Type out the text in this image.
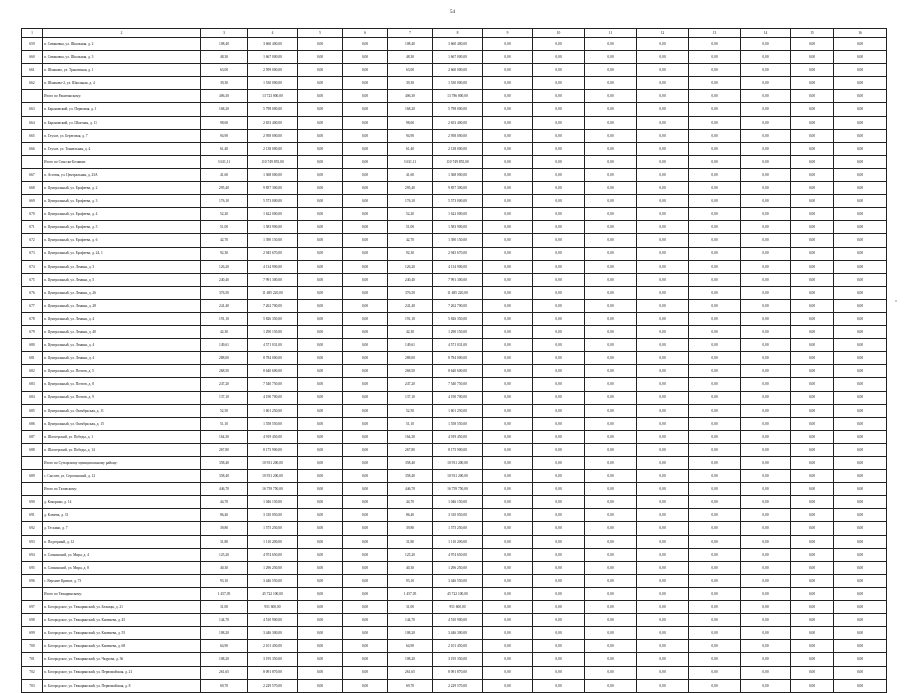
54
1	2	3	4	5	6	7	8	9	10	11	12	13	14	15	16
659	п. Сиваковка, ул. Школьная, д. 2	108,40	3 660 400,00	0,00	0,00	108,40	3 660 400,00	0,00	0,00	0,00	0,00	0,00	0,00	0,00	0,00
660	п. Сиваковка, ул. Школьная, д. 3	48,30	1 667 000,00	0,00	0,00	48,30	1 667 000,00	0,00	0,00	0,00	0,00	0,00	0,00	0,00	0,00
661	п. Шмаково, ул. Транзитная, д. 1	63,00	2 599 000,00	0,00	0,00	63,00	2 660 000,00	0,00	0,00	0,00	0,00	0,00	0,00	0,00	0,00
662	п. Шмаково-2, ул. Школьная, д. 4	39,30	1 530 000,00	0,00	0,00	39,30	1 530 000,00	0,00	0,00	0,00	0,00	0,00	0,00	0,00	0,00
	Итого по Ракитинскому:	406,30	13 723 800,00	0,00	0,00	406,30	13 786 800,00	0,00	0,00	0,00	0,00	0,00	0,00	0,00	0,00
663	п. Барановский, ул. Первомая, д. 1	168,20	5 798 000,00	0,00	0,00	168,20	5 798 000,00	0,00	0,00	0,00	0,00	0,00	0,00	0,00	0,00
664	п. Барановский, ул. Шахтная, д. 11	98,60	2 653 400,00	0,00	0,00	98,60	2 653 400,00	0,00	0,00	0,00	0,00	0,00	0,00	0,00	0,00
665	п. Глухое, ул. Береговая, д. 7	94,90	2 958 000,00	0,00	0,00	94,90	2 958 000,00	0,00	0,00	0,00	0,00	0,00	0,00	0,00	0,00
666	п. Глухое, ул. Тоннельная, д. 4	61,40	2 138 000,00	0,00	0,00	61,40	2 138 000,00	0,00	0,00	0,00	0,00	0,00	0,00	0,00	0,00
	Итого по Спасско-Белявам:	3 631,11	110 749 855,00	0,00	0,00	3 631,11	110 749 855,00	0,00	0,00	0,00	0,00	0,00	0,00	0,00	0,00
667	п. Астовы, ул. Центральная, д. 23А	41,60	1 368 000,00	0,00	0,00	41,60	1 368 000,00	0,00	0,00	0,00	0,00	0,00	0,00	0,00	0,00
668	п. Центральный, ул. Ерофеева, д. 2	295,40	9 857 300,00	0,00	0,00	295,40	9 857 300,00	0,00	0,00	0,00	0,00	0,00	0,00	0,00	0,00
669	п. Центральный, ул. Ерофеева, д. 3	176,10	5 573 000,00	0,00	0,00	176,10	5 573 000,00	0,00	0,00	0,00	0,00	0,00	0,00	0,00	0,00
670	п. Центральный, ул. Ерофеева, д. 4	52,20	1 622 000,00	0,00	0,00	52,20	1 622 000,00	0,00	0,00	0,00	0,00	0,00	0,00	0,00	0,00
671	п. Центральный, ул. Ерофеева, д. 5	51,00	1 583 900,00	0,00	0,00	51,00	1 583 900,00	0,00	0,00	0,00	0,00	0,00	0,00	0,00	0,00
672	п. Центральный, ул. Ерофеева, д. 6	42,70	1 390 150,00	0,00	0,00	42,70	1 390 150,00	0,00	0,00	0,00	0,00	0,00	0,00	0,00	0,00
673	п. Центральный, ул. Ерофеева, д. 24, 1	92,30	2 945 670,00	0,00	0,00	92,30	2 945 670,00	0,00	0,00	0,00	0,00	0,00	0,00	0,00	0,00
674	п. Центральный, ул. Ленина, д. 3	126,20	4 134 900,00	0,00	0,00	126,20	4 134 900,00	0,00	0,00	0,00	0,00	0,00	0,00	0,00	0,00
675	п. Центральный, ул. Ленина, д. 5	240,40	7 991 300,00	0,00	0,00	240,40	7 991 300,00	0,00	0,00	0,00	0,00	0,00	0,00	0,00	0,00
676	п. Центральный, ул. Ленина, д. 26	376,50	11 485 220,00	0,00	0,00	376,50	11 485 220,00	0,00	0,00	0,00	0,00	0,00	0,00	0,00	0,00
677	п. Центральный, ул. Ленина, д. 28	241,40	7 262 700,00	0,00	0,00	241,40	7 262 700,00	0,00	0,00	0,00	0,00	0,00	0,00	0,00	0,00
678	п. Центральный, ул. Ленина, д. 4	191,10	5 826 350,00	0,00	0,00	191,10	5 826 350,00	0,00	0,00	0,00	0,00	0,00	0,00	0,00	0,00
679	п. Центральный, ул. Ленина, д. 40	42,30	1 290 150,00	0,00	0,00	42,30	1 290 150,00	0,00	0,00	0,00	0,00	0,00	0,00	0,00	0,00
680	п. Центральный, ул. Ленина, д. 4	149,61	4 571 031,00	0,00	0,00	149,61	4 571 031,00	0,00	0,00	0,00	0,00	0,00	0,00	0,00	0,00
681	п. Центральный, ул. Ленина, д. 4	288,00	8 784 000,00	0,00	0,00	288,00	8 784 000,00	0,00	0,00	0,00	0,00	0,00	0,00	0,00	0,00
682	п. Центральный, ул. Почтов, д. 5	268,50	8 640 600,00	0,00	0,00	268,50	8 640 600,00	0,00	0,00	0,00	0,00	0,00	0,00	0,00	0,00
683	п. Центральный, ул. Почтов, д. 8	247,20	7 540 750,00	0,00	0,00	247,20	7 540 750,00	0,00	0,00	0,00	0,00	0,00	0,00	0,00	0,00
684	п. Центральный, ул. Почтов, д. 9	137,10	4 190 700,00	0,00	0,00	137,10	4 190 700,00	0,00	0,00	0,00	0,00	0,00	0,00	0,00	0,00
685	п. Центральный, ул. Октябрьская, д. 11	52,50	1 601 250,00	0,00	0,00	52,50	1 601 250,00	0,00	0,00	0,00	0,00	0,00	0,00	0,00	0,00
686	п. Центральный, ул. Октябрьская, д. 15	51,10	1 558 550,00	0,00	0,00	51,10	1 558 550,00	0,00	0,00	0,00	0,00	0,00	0,00	0,00	0,00
687	п. Шахтерский, ул. Победы, д. 1	164,30	4 919 450,00	0,00	0,00	164,30	4 919 450,00	0,00	0,00	0,00	0,00	0,00	0,00	0,00	0,00
688	п. Шахтерский, ул. Победы, д. 14	267,80	8 175 900,00	0,00	0,00	267,80	8 175 900,00	0,00	0,00	0,00	0,00	0,00	0,00	0,00	0,00
	Итого по Сутырскому муниципальному району:	358,40	10 931 200,00	0,00	0,00	358,40	10 931 200,00	0,00	0,00	0,00	0,00	0,00	0,00	0,00	0,00
689	с. Сысоев, ул. Серогинский, д. 12	358,40	10 931 200,00	0,00	0,00	358,40	10 931 200,00	0,00	0,00	0,00	0,00	0,00	0,00	0,00	0,00
	Итого по Тазовскому:	446,70	16 759 750,00	0,00	0,00	446,70	16 759 750,00	0,00	0,00	0,00	0,00	0,00	0,00	0,00	0,00
690	д. Кокорино, д. 14	44,70	1 046 150,00	0,00	0,00	44,70	1 046 150,00	0,00	0,00	0,00	0,00	0,00	0,00	0,00	0,00
691	д. Клюева, д. 31	86,40	3 310 050,00	0,00	0,00	86,40	3 310 050,00	0,00	0,00	0,00	0,00	0,00	0,00	0,00	0,00
692	д. Тескино, д. 7	39,80	1 575 250,00	0,00	0,00	39,80	1 575 250,00	0,00	0,00	0,00	0,00	0,00	0,00	0,00	0,00
693	п. Подгорный, д. 12	31,80	1 110 200,00	0,00	0,00	31,80	1 110 200,00	0,00	0,00	0,00	0,00	0,00	0,00	0,00	0,00
694	п. Сагнинский, ул. Мира, д. 4	125,20	4 974 650,00	0,00	0,00	125,20	4 974 650,00	0,00	0,00	0,00	0,00	0,00	0,00	0,00	0,00
695	п. Сагнинский, ул. Мира, д. 8	40,30	1 296 250,00	0,00	0,00	40,30	1 296 250,00	0,00	0,00	0,00	0,00	0,00	0,00	0,00	0,00
696	с. Верхнее Кривое, д. 73	93,10	3 446 550,00	0,00	0,00	93,10	3 446 550,00	0,00	0,00	0,00	0,00	0,00	0,00	0,00	0,00
	Итого по Тюкаринскому:	1 457,05	45 722 100,00	0,00	0,00	1 457,05	45 722 100,00	0,00	0,00	0,00	0,00	0,00	0,00	0,00	0,00
697	п. Богородское, ул. Тюкаринский, ул. Бежицы, д. 21	31,00	951 600,00	0,00	0,00	31,00	951 600,00	0,00	0,00	0,00	0,00	0,00	0,00	0,00	0,00
698	п. Богородское, ул. Тюкаринский, ул. Каменева, д. 45	144,70	4 510 900,00	0,00	0,00	144,70	4 510 900,00	0,00	0,00	0,00	0,00	0,00	0,00	0,00	0,00
699	п. Богородское, ул. Тюкаринский, ул. Каменева, д. 55	108,20	3 446 300,00	0,00	0,00	108,20	3 446 300,00	0,00	0,00	0,00	0,00	0,00	0,00	0,00	0,00
700	п. Богородское, ул. Тюкаринский, ул. Каменева, д. 68	64,90	2 101 450,00	0,00	0,00	64,90	2 101 450,00	0,00	0,00	0,00	0,00	0,00	0,00	0,00	0,00
701	п. Богородское, ул. Тюкаринский, ул. Чкурова, д. 36	108,20	3 195 350,00	0,00	0,00	108,20	3 195 350,00	0,00	0,00	0,00	0,00	0,00	0,00	0,00	0,00
702	п. Богородское, ул. Тюкаринский, ул. Первомайская, д. 21	261,65	8 091 870,00	0,00	0,00	261,65	8 091 870,00	0,00	0,00	0,00	0,00	0,00	0,00	0,00	0,00
703	п. Богородское, ул. Тюкаринский, ул. Первомайская, д. 8	69,70	2 229 570,00	0,00	0,00	69,70	2 229 570,00	0,00	0,00	0,00	0,00	0,00	0,00	0,00	0,00
